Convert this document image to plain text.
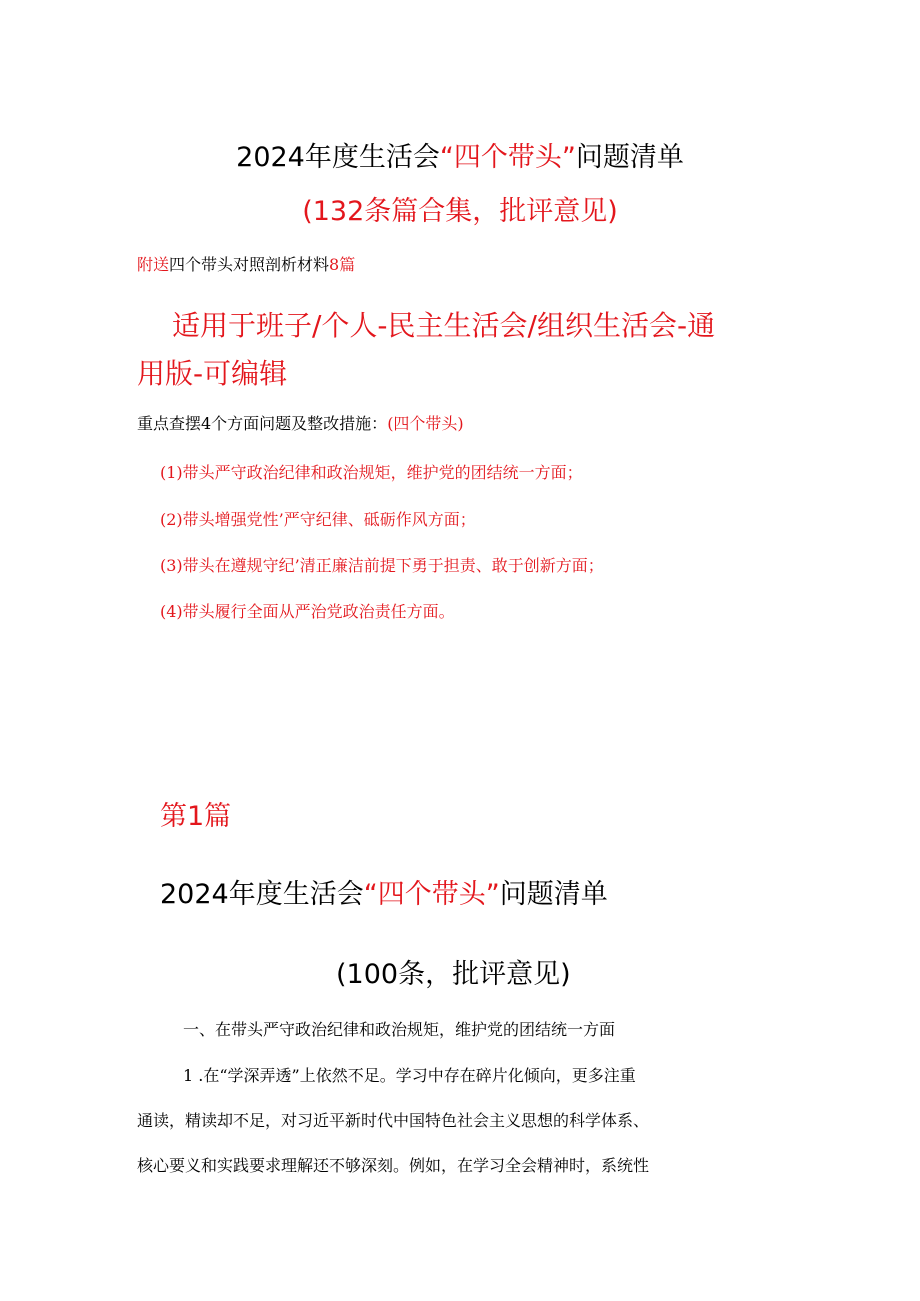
2024年度生活会“四个带头”问题清单
(132条篇合集，批评意见)
附送四个带头对照剖析材料8篇
适用于班子/个人-民主生活会/组织生活会-通
用版-可编辑
重点查摆4个方面问题及整改措施：(四个带头)
(1)带头严守政治纪律和政治规矩，维护党的团结统一方面；
(2)带头增强党性’严守纪律、砥砺作风方面；
(3)带头在遵规守纪’清正廉洁前提下勇于担责、敢于创新方面；
(4)带头履行全面从严治党政治责任方面。
第1篇
2024年度生活会“四个带头”问题清单
(100条，批评意见)
一、在带头严守政治纪律和政治规矩，维护党的团结统一方面
1 .在“学深弄透”上依然不足。学习中存在碎片化倾向，更多注重
通读，精读却不足，对习近平新时代中国特色社会主义思想的科学体系、
核心要义和实践要求理解还不够深刻。例如，在学习全会精神时，系统性
